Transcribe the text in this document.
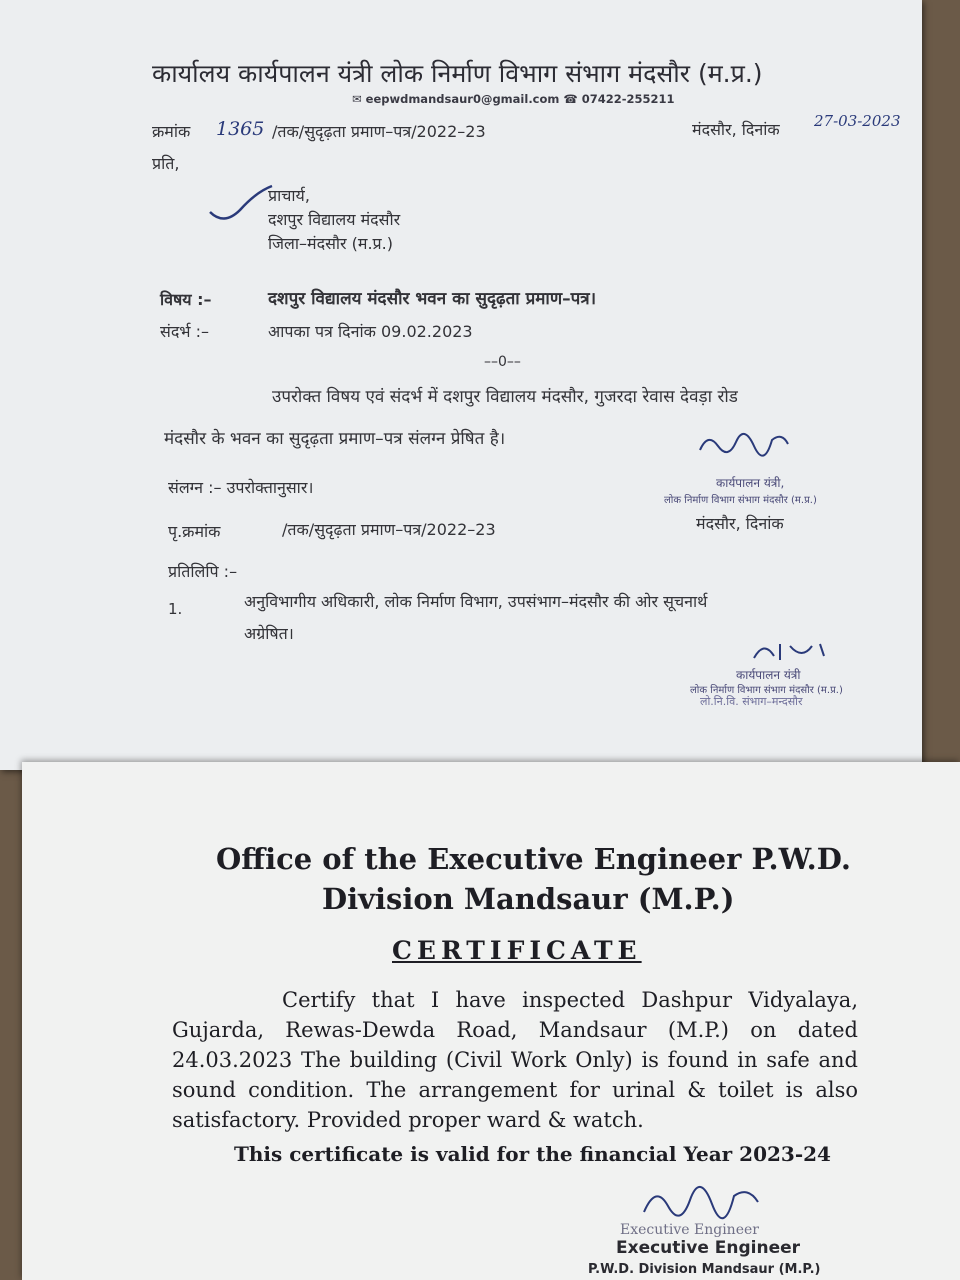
कार्यालय कार्यपालन यंत्री लोक निर्माण विभाग संभाग मंदसौर (म.प्र.)
✉ eepwdmandsaur0@gmail.com ☎ 07422-255211
क्रमांक 1365 /तक/सुदृढ़ता प्रमाण–पत्र/2022–23	मंदसौर, दिनांक 27-03-2023
प्रति,
प्राचार्य,
दशपुर विद्यालय मंदसौर
जिला–मंदसौर (म.प्र.)
विषय :–	दशपुर विद्यालय मंदसौर भवन का सुदृढ़ता प्रमाण–पत्र।
संदर्भ :–	आपका पत्र दिनांक 09.02.2023
––0––
उपरोक्त विषय एवं संदर्भ में दशपुर विद्यालय मंदसौर, गुजरदा रेवास देवड़ा रोड
मंदसौर के भवन का सुदृढ़ता प्रमाण–पत्र संलग्न प्रेषित है।
संलग्न :– उपरोक्तानुसार।	कार्यपालन यंत्री,
लोक निर्माण विभाग संभाग मंदसौर (म.प्र.)
पृ.क्रमांक	/तक/सुदृढ़ता प्रमाण–पत्र/2022–23	मंदसौर, दिनांक
प्रतिलिपि :–
1.	अनुविभागीय अधिकारी, लोक निर्माण विभाग, उपसंभाग–मंदसौर की ओर सूचनार्थ
अग्रेषित।
कार्यपालन यंत्री
लोक निर्माण विभाग संभाग मंदसौर (म.प्र.)
लो.नि.वि. संभाग–मन्दसौर
Office of the Executive Engineer P.W.D.
Division Mandsaur (M.P.)
CERTIFICATE
Certify that I have inspected Dashpur Vidyalaya,
Gujarda, Rewas-Dewda Road, Mandsaur (M.P.) on dated
24.03.2023 The building (Civil Work Only) is found in safe and
sound condition. The arrangement for urinal & toilet is also
satisfactory. Provided proper ward & watch.
This certificate is valid for the financial Year 2023-24
Executive Engineer
Executive Engineer
P.W.D. Division Mandsaur (M.P.)
